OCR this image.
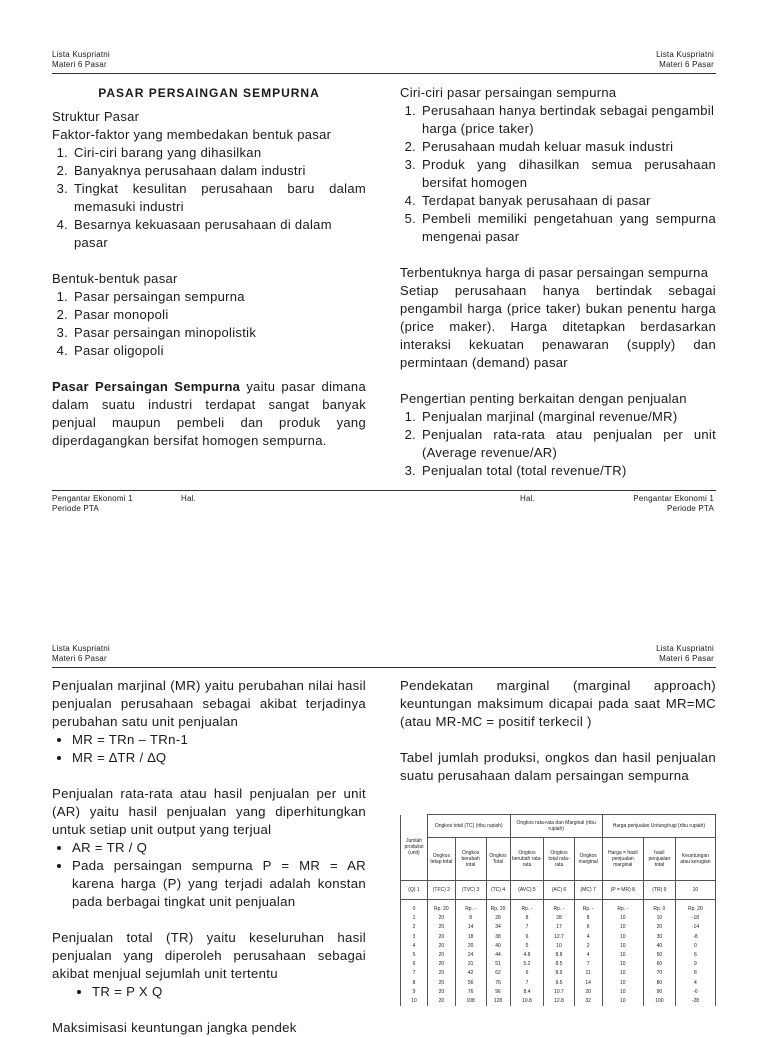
Lista Kuspriatni
Materi 6 Pasar
Lista Kuspriatni
Materi 6 Pasar

PASAR PERSAINGAN SEMPURNA

Struktur Pasar

Faktor-faktor yang membedakan bentuk pasar

1. Ciri-ciri barang yang dihasilkan
2. Banyaknya perusahaan dalam industri
3. Tingkat kesulitan perusahaan baru dalam memasuki industri
4. Besarnya kekuasaan perusahaan di dalam pasar

Bentuk-bentuk pasar

1. Pasar persaingan sempurna
2. Pasar monopoli
3. Pasar persaingan minopolistik
4. Pasar oligopoli

Pasar Persaingan Sempurna yaitu pasar dimana dalam suatu industri terdapat sangat banyak penjual maupun pembeli dan produk yang diperdagangkan bersifat homogen sempurna.

Ciri-ciri pasar persaingan sempurna

1. Perusahaan hanya bertindak sebagai pengambil harga (price taker)
2. Perusahaan mudah keluar masuk industri
3. Produk yang dihasilkan semua perusahaan bersifat homogen
4. Terdapat banyak perusahaan di pasar
5. Pembeli memiliki pengetahuan yang sempurna mengenai pasar

Terbentuknya harga di pasar persaingan sempurna

Setiap perusahaan hanya bertindak sebagai pengambil harga (price taker) bukan penentu harga (price maker). Harga ditetapkan berdasarkan interaksi kekuatan penawaran (supply) dan permintaan (demand) pasar

Pengertian penting berkaitan dengan penjualan

1. Penjualan marjinal (marginal revenue/MR)
2. Penjualan rata-rata atau penjualan per unit (Average revenue/AR)
3. Penjualan total (total revenue/TR)
Pengantar Ekonomi 1
Periode PTA
Hal.	Hal.	Pengantar Ekonomi 1
Periode PTA
Lista Kuspriatni
Materi 6 Pasar
Lista Kuspriatni
Materi 6 Pasar

Penjualan marjinal (MR) yaitu perubahan nilai hasil penjualan perusahaan sebagai akibat terjadinya perubahan satu unit penjualan

• MR = TRn – TRn-1
• MR = ∆TR / ∆Q

Penjualan rata-rata atau hasil penjualan per unit (AR) yaitu hasil penjualan yang diperhitungkan untuk setiap unit output yang terjual

• AR = TR / Q
• Pada persaingan sempurna P = MR = AR karena harga (P) yang terjadi adalah konstan pada berbagai tingkat unit penjualan

Penjualan total (TR) yaitu keseluruhan hasil penjualan yang diperoleh perusahaan sebagai akibat menjual sejumlah unit tertentu

• TR = P X Q

Maksimisasi keuntungan jangka pendek

Pendekatan marginal (marginal approach) keuntungan maksimum dicapai pada saat MR=MC (atau MR-MC = positif terkecil )

Tabel jumlah produksi, ongkos dan hasil penjualan suatu perusahaan dalam persaingan sempurna

Jumlah produksi (unit)	Ongkos total (TC) (ribu rupiah)			Ongkos rata-rata dan Marginal (ribu rupiah)			Harga penjualan Untung/rugi (ribu rupiah)		
	Ongkos tetap total	Ongkos berubah total	Ongkos Total	Ongkos berubah rata-rata	Ongkos total rata-rata	Ongkos marginal	Harga = hasil penjualan marginal	hasil penjualan total	Keuntungan atau kerugian
(Q) 1	(TFC) 2	(TVC) 3	(TC) 4	(AVC) 5	(AC) 6	(MC) 7	(P = MR) 8	(TR) 9	10
0	Rp. 20	Rp. -	Rp. 20	Rp. -	Rp. -	Rp. -	Rp. -	Rp. 0	Rp. 20
1	20	8	28	8	28	8	10	10	-18
2	20	14	34	7	17	6	10	20	-14
3	20	18	38	6	12.7	4	10	30	-8
4	20	20	40	5	10	2	10	40	0
5	20	24	44	4.8	8.8	4	10	50	6
6	20	31	51	5.2	8.5	7	10	60	9
7	20	42	62	6	8.9	11	10	70	8
8	20	56	76	7	9.5	14	10	80	4
9	20	76	96	8.4	10.7	20	10	90	-6
10	20	108	128	10.8	12.8	32	10	100	-28
